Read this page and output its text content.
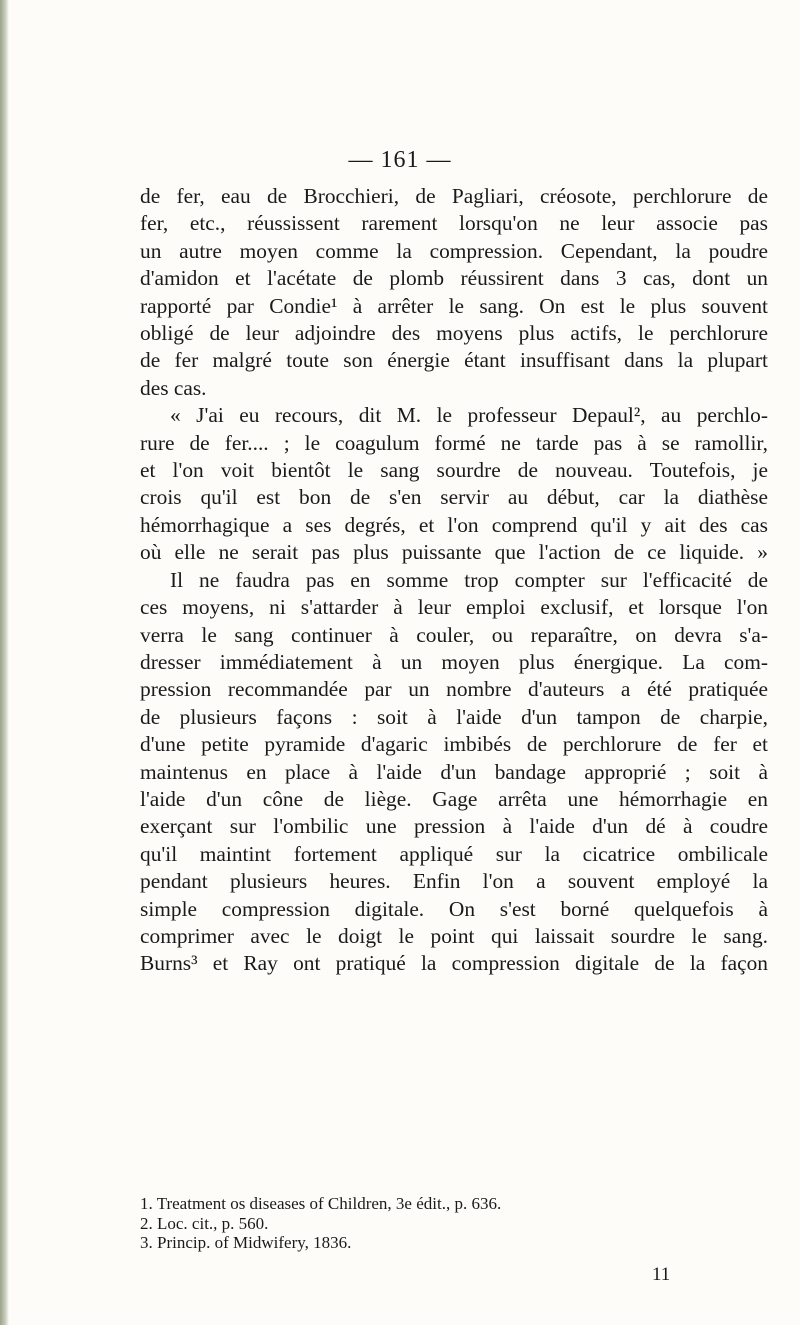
— 161 —
de fer, eau de Brocchieri, de Pagliari, créosote, perchlorure de
fer, etc., réussissent rarement lorsqu'on ne leur associe pas
un autre moyen comme la compression. Cependant, la poudre
d'amidon et l'acétate de plomb réussirent dans 3 cas, dont un
rapporté par Condie¹ à arrêter le sang. On est le plus souvent
obligé de leur adjoindre des moyens plus actifs, le perchlorure
de fer malgré toute son énergie étant insuffisant dans la plupart
des cas.
« J'ai eu recours, dit M. le professeur Depaul², au perchlo-
rure de fer.... ; le coagulum formé ne tarde pas à se ramollir,
et l'on voit bientôt le sang sourdre de nouveau. Toutefois, je
crois qu'il est bon de s'en servir au début, car la diathèse
hémorrhagique a ses degrés, et l'on comprend qu'il y ait des cas
où elle ne serait pas plus puissante que l'action de ce liquide. »
Il ne faudra pas en somme trop compter sur l'efficacité de
ces moyens, ni s'attarder à leur emploi exclusif, et lorsque l'on
verra le sang continuer à couler, ou reparaître, on devra s'a-
dresser immédiatement à un moyen plus énergique. La com-
pression recommandée par un nombre d'auteurs a été pratiquée
de plusieurs façons : soit à l'aide d'un tampon de charpie,
d'une petite pyramide d'agaric imbibés de perchlorure de fer et
maintenus en place à l'aide d'un bandage approprié ; soit à
l'aide d'un cône de liège. Gage arrêta une hémorrhagie en
exerçant sur l'ombilic une pression à l'aide d'un dé à coudre
qu'il maintint fortement appliqué sur la cicatrice ombilicale
pendant plusieurs heures. Enfin l'on a souvent employé la
simple compression digitale. On s'est borné quelquefois à
comprimer avec le doigt le point qui laissait sourdre le sang.
Burns³ et Ray ont pratiqué la compression digitale de la façon
1. Treatment os diseases of Children, 3e édit., p. 636.
2. Loc. cit., p. 560.
3. Princip. of Midwifery, 1836.
11
